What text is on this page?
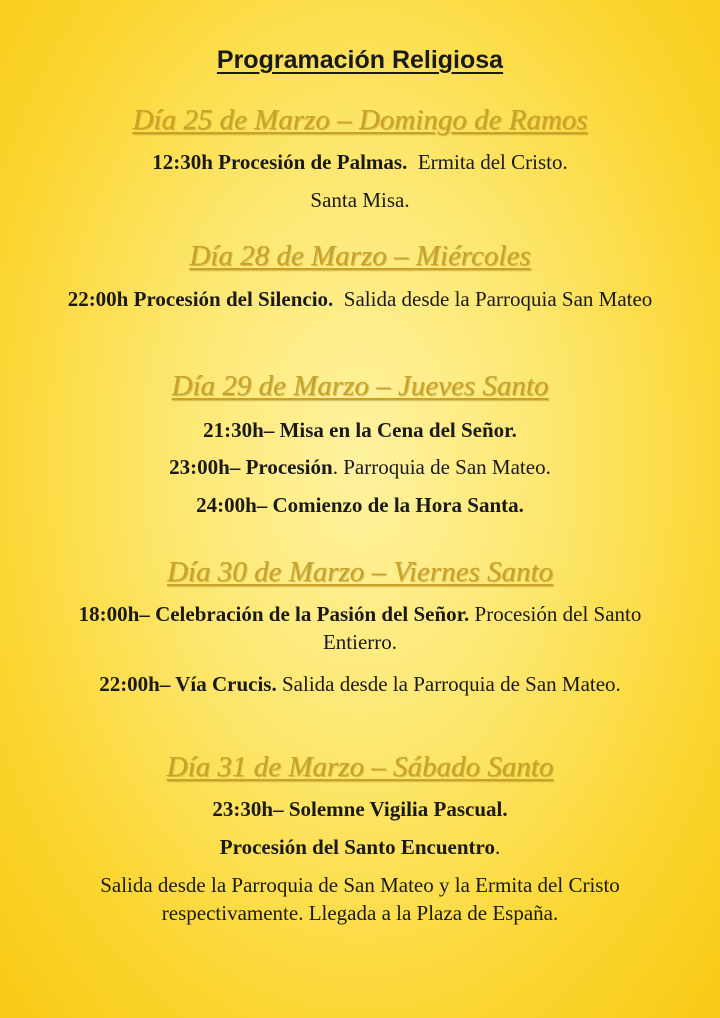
Programación Religiosa
Día 25 de Marzo – Domingo de Ramos
12:30h Procesión de Palmas.  Ermita del Cristo.
Santa Misa.
Día 28 de Marzo – Miércoles
22:00h Procesión del Silencio.  Salida desde la Parroquia San Mateo
Día 29 de Marzo – Jueves Santo
21:30h– Misa en la Cena del Señor.
23:00h– Procesión. Parroquia de San Mateo.
24:00h– Comienzo de la Hora Santa.
Día 30 de Marzo – Viernes Santo
18:00h– Celebración de la Pasión del Señor. Procesión del Santo Entierro.
22:00h– Vía Crucis. Salida desde la Parroquia de San Mateo.
Día 31 de Marzo – Sábado Santo
23:30h– Solemne Vigilia Pascual.
Procesión del Santo Encuentro.
Salida desde la Parroquia de San Mateo y la Ermita del Cristo respectivamente. Llegada a la Plaza de España.
